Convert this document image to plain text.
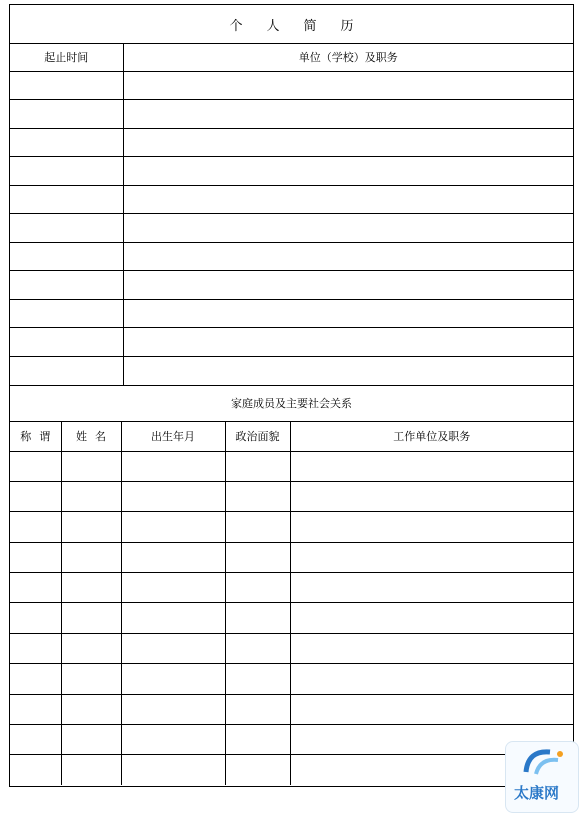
个 人 简 历
起止时间	单位（学校）及职务

家庭成员及主要社会关系
称 谓	姓 名	出生年月	政治面貌	工作单位及职务

太康网
